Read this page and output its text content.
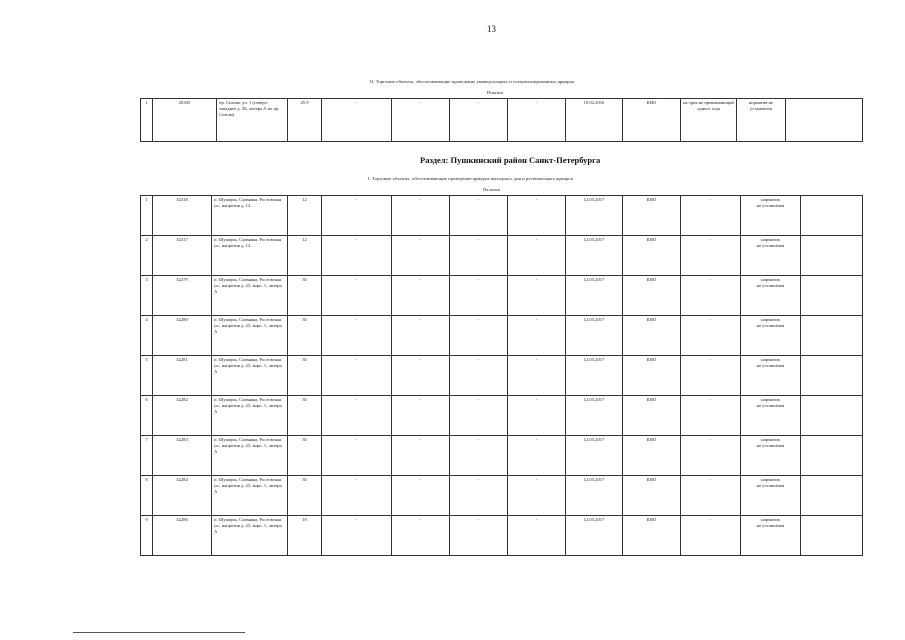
13
II. Торговые объекты, обеспечивающие проведение универсальных и специализированных ярмарок
Пшаткн
1	26305	пр. Сизова, уч. 1 (северо-западнее д. 26, литера А по пр. Сизова)	25.9	-	-	-	-	10.02.2016	КИО	на срок не превышающий одного года	норматив не установлен	
Раздел: Пушкинский район Санкт-Петербурга
I. Торговые объекты, обеспечивающие проведение ярмарок выходного дня и региональных ярмарок
Палатки
1	32318	п. Шушары, Славянка, Ростовская ул., напротив д. 12	12	-	-	-	-	12.05.2017	КИО	-	норматив
не установлен	

2	32317	п. Шушары, Славянка, Ростовская ул., напротив д. 12	12	-	-	-	-	12.05.2017	КИО	-	норматив
не установлен	

3	32279	п. Шушары, Славянка, Ростовская ул., напротив д. 25, корп. 1, литера А	30	-	-	-	-	12.05.2017	КИО	-	норматив
не установлен	

4	32280	п. Шушары, Славянка, Ростовская ул., напротив д. 25, корп. 1, литера А	30	-	-	-	-	12.05.2017	КИО	-	норматив
не установлен	

5	32281	п. Шушары, Славянка, Ростовская ул., напротив д. 25, корп. 1, литера А	30	-	-	-	-	12.05.2017	КИО	-	норматив
не установлен	

6	32282	п. Шушары, Славянка, Ростовская ул., напротив д. 25, корп. 1, литера А	30	-	-	-	-	12.05.2017	КИО	-	норматив
не установлен	

7	32283	п. Шушары, Славянка, Ростовская ул., напротив д. 25, корп. 1, литера А	30	-	-	-	-	12.05.2017	КИО	-	норматив
не установлен	

8	32284	п. Шушары, Славянка, Ростовская ул., напротив д. 25, корп. 1, литера А	30	-	-	-	-	12.05.2017	КИО	-	норматив
не установлен	

9	32286	п. Шушары, Славянка, Ростовская ул., напротив д. 25, корп. 1, литера А	10	-	-	-	-	12.05.2017	КИО	-	норматив
не установлен	
